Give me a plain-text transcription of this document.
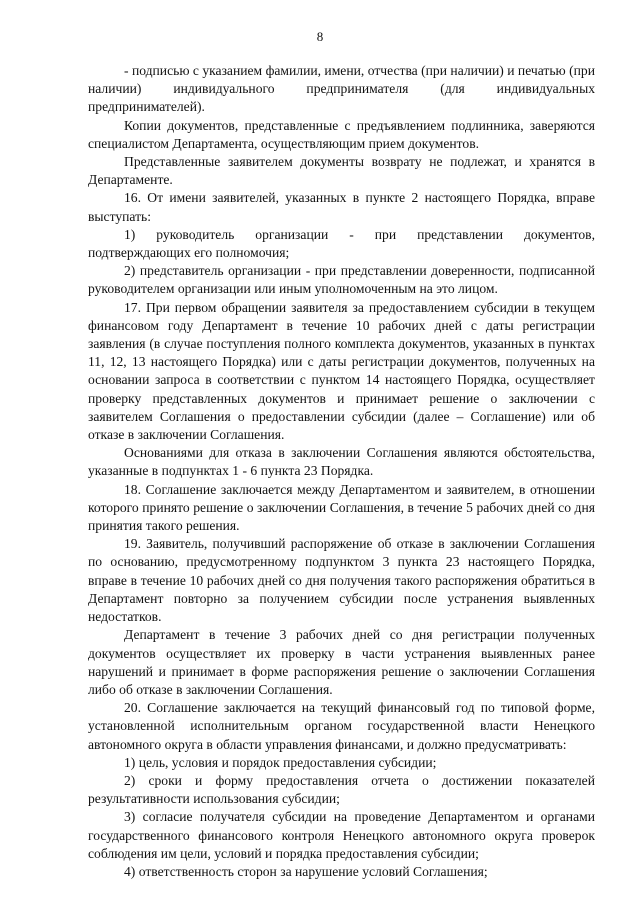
8

- подписью с указанием фамилии, имени, отчества (при наличии) и печатью (при наличии) индивидуального предпринимателя (для индивидуальных предпринимателей).

Копии документов, представленные с предъявлением подлинника, заверяются специалистом Департамента, осуществляющим прием документов.

Представленные заявителем документы возврату не подлежат, и хранятся в Департаменте.

16. От имени заявителей, указанных в пункте 2 настоящего Порядка, вправе выступать:

1) руководитель организации - при представлении документов, подтверждающих его полномочия;

2) представитель организации - при представлении доверенности, подписанной руководителем организации или иным уполномоченным на это лицом.

17. При первом обращении заявителя за предоставлением субсидии в текущем финансовом году Департамент в течение 10 рабочих дней с даты регистрации заявления (в случае поступления полного комплекта документов, указанных в пунктах 11, 12, 13 настоящего Порядка) или с даты регистрации документов, полученных на основании запроса в соответствии с пунктом 14 настоящего Порядка, осуществляет проверку представленных документов и принимает решение о заключении с заявителем Соглашения о предоставлении субсидии (далее – Соглашение) или об отказе в заключении Соглашения.

Основаниями для отказа в заключении Соглашения являются обстоятельства, указанные в подпунктах 1 - 6 пункта 23 Порядка.

18. Соглашение заключается между Департаментом и заявителем, в отношении которого принято решение о заключении Соглашения, в течение 5 рабочих дней со дня принятия такого решения.

19. Заявитель, получивший распоряжение об отказе в заключении Соглашения по основанию, предусмотренному подпунктом 3 пункта 23 настоящего Порядка, вправе в течение 10 рабочих дней со дня получения такого распоряжения обратиться в Департамент повторно за получением субсидии после устранения выявленных недостатков.

Департамент в течение 3 рабочих дней со дня регистрации полученных документов осуществляет их проверку в части устранения выявленных ранее нарушений и принимает в форме распоряжения решение о заключении Соглашения либо об отказе в заключении Соглашения.

20. Соглашение заключается на текущий финансовый год по типовой форме, установленной исполнительным органом государственной власти Ненецкого автономного округа в области управления финансами, и должно предусматривать:

1) цель, условия и порядок предоставления субсидии;

2) сроки и форму предоставления отчета о достижении показателей результативности использования субсидии;

3) согласие получателя субсидии на проведение Департаментом и органами государственного финансового контроля Ненецкого автономного округа проверок соблюдения им цели, условий и порядка предоставления субсидии;

4) ответственность сторон за нарушение условий Соглашения;
